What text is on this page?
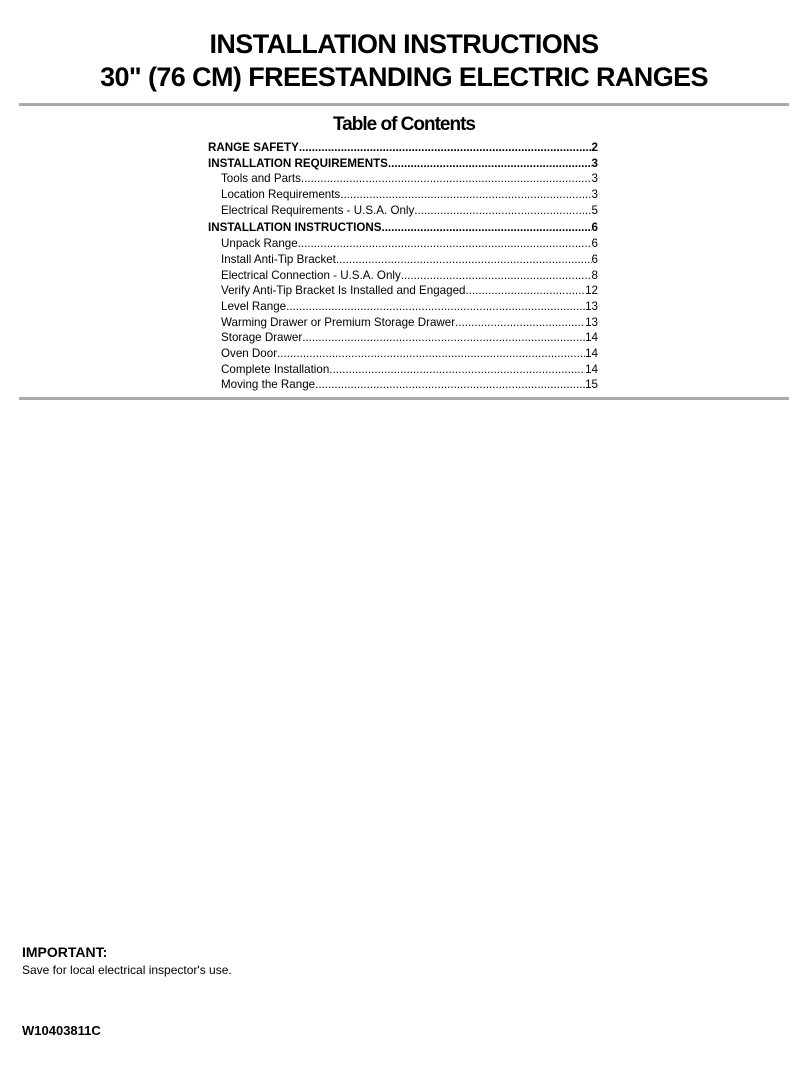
INSTALLATION INSTRUCTIONS
30" (76 CM) FREESTANDING ELECTRIC RANGES
Table of Contents
RANGE SAFETY .....	2
INSTALLATION REQUIREMENTS .....	3
Tools and Parts .....	3
Location Requirements .....	3
Electrical Requirements - U.S.A. Only .....	5
INSTALLATION INSTRUCTIONS .....	6
Unpack Range .....	6
Install Anti-Tip Bracket .....	6
Electrical Connection - U.S.A. Only .....	8
Verify Anti-Tip Bracket Is Installed and Engaged .....	12
Level Range .....	13
Warming Drawer or Premium Storage Drawer .....	13
Storage Drawer .....	14
Oven Door .....	14
Complete Installation .....	14
Moving the Range .....	15

IMPORTANT:

Save for local electrical inspector's use.

W10403811C
